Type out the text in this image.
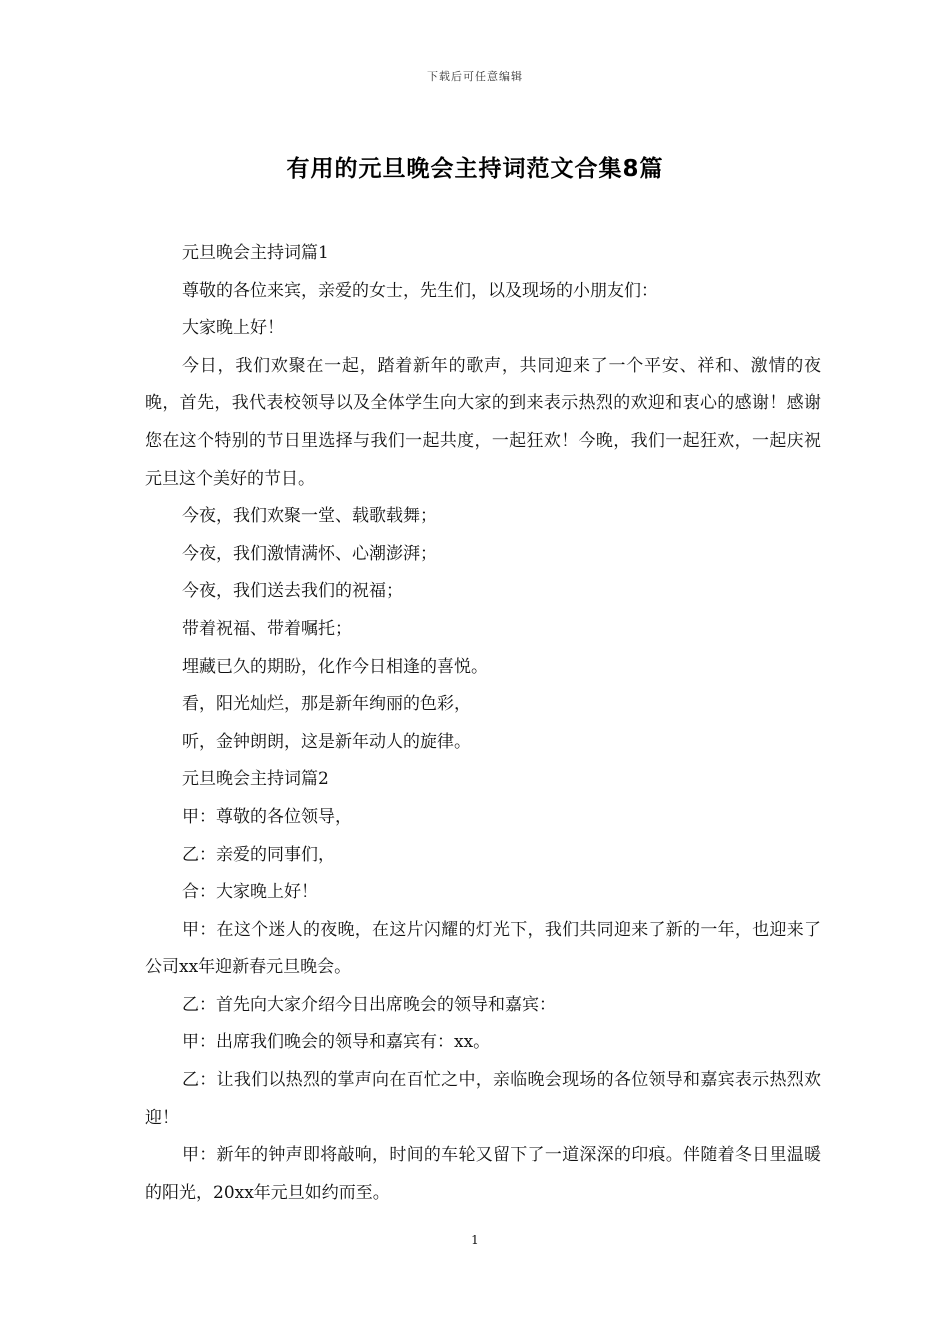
下载后可任意编辑
有用的元旦晚会主持词范文合集8篇

元旦晚会主持词篇1

尊敬的各位来宾，亲爱的女士，先生们，以及现场的小朋友们：

大家晚上好！

今日，我们欢聚在一起，踏着新年的歌声，共同迎来了一个平安、祥和、激情的夜晚，首先，我代表校领导以及全体学生向大家的到来表示热烈的欢迎和衷心的感谢！感谢您在这个特别的节日里选择与我们一起共度，一起狂欢！今晚，我们一起狂欢，一起庆祝元旦这个美好的节日。

今夜，我们欢聚一堂、载歌载舞；

今夜，我们激情满怀、心潮澎湃；

今夜，我们送去我们的祝福；

带着祝福、带着嘱托；

埋藏已久的期盼，化作今日相逢的喜悦。

看，阳光灿烂，那是新年绚丽的色彩，

听，金钟朗朗，这是新年动人的旋律。

元旦晚会主持词篇2

甲：尊敬的各位领导，

乙：亲爱的同事们，

合：大家晚上好！

甲：在这个迷人的夜晚，在这片闪耀的灯光下，我们共同迎来了新的一年，也迎来了公司xx年迎新春元旦晚会。

乙：首先向大家介绍今日出席晚会的领导和嘉宾：

甲：出席我们晚会的领导和嘉宾有：xx。

乙：让我们以热烈的掌声向在百忙之中，亲临晚会现场的各位领导和嘉宾表示热烈欢迎！

甲：新年的钟声即将敲响，时间的车轮又留下了一道深深的印痕。伴随着冬日里温暖的阳光，20xx年元旦如约而至。

1
